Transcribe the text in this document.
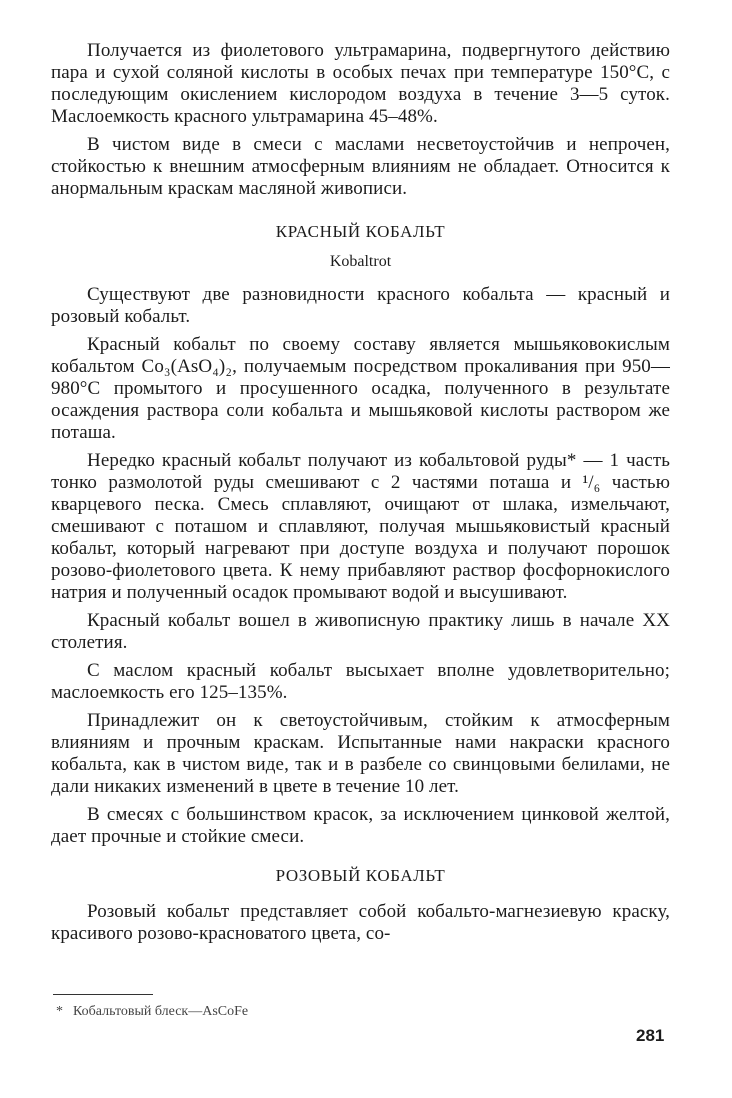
Получается из фиолетового ультрамарина, подвергнутого действию пара и сухой соляной кислоты в особых печах при температуре 150°С, с последующим окислением кислородом воздуха в течение 3—5 суток. Маслоемкость красного ультрамарина 45–48%.

В чистом виде в смеси с маслами несветоустойчив и непрочен, стойкостью к внешним атмосферным влияниям не обладает. Относится к анормальным краскам масляной живописи.

КРАСНЫЙ КОБАЛЬТ
Kobaltrot

Существуют две разновидности красного кобальта — красный и розовый кобальт.

Красный кобальт по своему составу является мышьяковокислым кобальтом Co₃(AsO₄)₂, получаемым посредством прокаливания при 950—980°С промытого и просушенного осадка, полученного в результате осаждения раствора соли кобальта и мышьяковой кислоты раствором же поташа.

Нередко красный кобальт получают из кобальтовой руды* — 1 часть тонко размолотой руды смешивают с 2 частями поташа и ¹/₆ частью кварцевого песка. Смесь сплавляют, очищают от шлака, измельчают, смешивают с поташом и сплавляют, получая мышьяковистый красный кобальт, который нагревают при доступе воздуха и получают порошок розово-фиолетового цвета. К нему прибавляют раствор фосфорнокислого натрия и полученный осадок промывают водой и высушивают.

Красный кобальт вошел в живописную практику лишь в начале XX столетия.

С маслом красный кобальт высыхает вполне удовлетворительно; маслоемкость его 125–135%.

Принадлежит он к светоустойчивым, стойким к атмосферным влияниям и прочным краскам. Испытанные нами накраски красного кобальта, как в чистом виде, так и в разбеле со свинцовыми белилами, не дали никаких изменений в цвете в течение 10 лет.

В смесях с большинством красок, за исключением цинковой желтой, дает прочные и стойкие смеси.

РОЗОВЫЙ КОБАЛЬТ

Розовый кобальт представляет собой кобальто-магнезиевую краску, красивого розово-красноватого цвета, со-

* Кобальтовый блеск—AsCoFe
281
